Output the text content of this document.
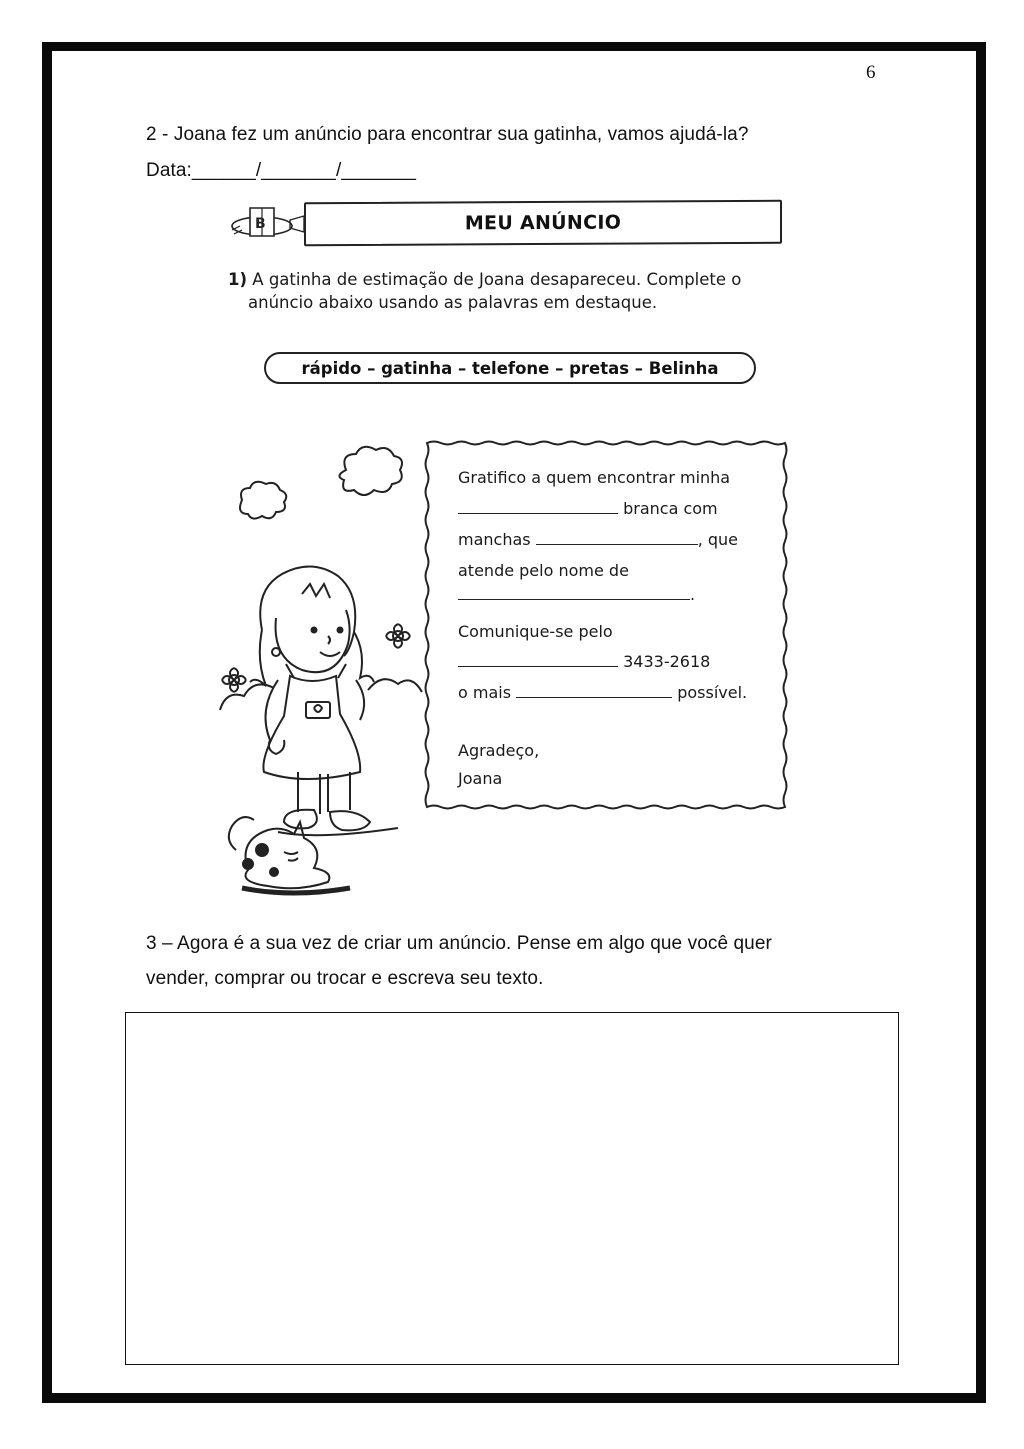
6
2 - Joana fez um anúncio para encontrar sua gatinha, vamos ajudá-la?
Data:______/_______/_______
B	MEU ANÚNCIO
1) A gatinha de estimação de Joana desapareceu. Complete o
anúncio abaixo usando as palavras em destaque.
rápido – gatinha – telefone – pretas – Belinha
Gratifico a quem encontrar minha
branca com
manchas	, que
atende pelo nome de
.
Comunique-se pelo
3433-2618
o mais	possível.
Agradeço,
Joana
3 – Agora é a sua vez de criar um anúncio. Pense em algo que você quer
vender, comprar ou trocar e escreva seu texto.
